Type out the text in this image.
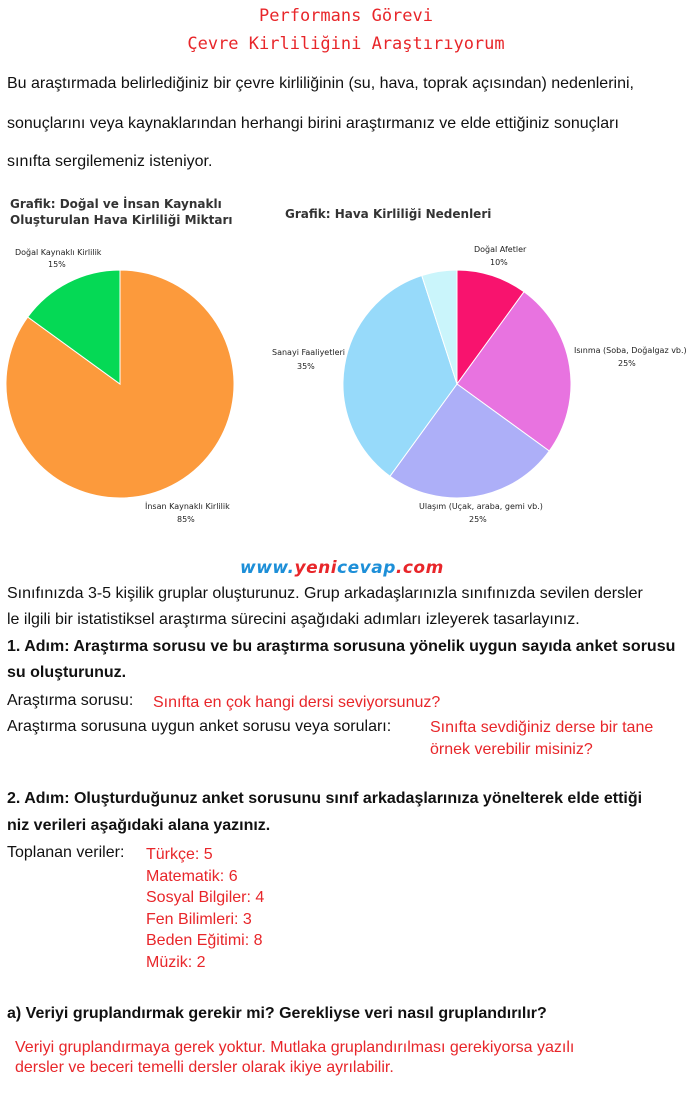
Performans Görevi
Çevre Kirliliğini Araştırıyorum
Bu araştırmada belirlediğiniz bir çevre kirliliğinin (su, hava, toprak açısından) nedenlerini,
sonuçlarını veya kaynaklarından herhangi birini araştırmanız ve elde ettiğiniz sonuçları
sınıfta sergilemeniz isteniyor.
Grafik: Doğal ve İnsan Kaynaklı
Oluşturulan Hava Kirliliği Miktarı	Grafik: Hava Kirliliği Nedenleri
Doğal Kaynaklı Kirlilik
15%
İnsan Kaynaklı Kirlilik
85%
Doğal Afetler
10%
Isınma (Soba, Doğalgaz vb.)
25%
Ulaşım (Uçak, araba, gemi vb.)
25%
Sanayi Faaliyetleri
35%
www.yenicevap.com
Sınıfınızda 3-5 kişilik gruplar oluşturunuz. Grup arkadaşlarınızla sınıfınızda sevilen dersler
le ilgili bir istatistiksel araştırma sürecini aşağıdaki adımları izleyerek tasarlayınız.
1. Adım: Araştırma sorusu ve bu araştırma sorusuna yönelik uygun sayıda anket sorusu
su oluşturunuz.
Araştırma sorusu: Sınıfta en çok hangi dersi seviyorsunuz?
Araştırma sorusuna uygun anket sorusu veya soruları: Sınıfta sevdiğiniz derse bir tane
örnek verebilir misiniz?
2. Adım: Oluşturduğunuz anket sorusunu sınıf arkadaşlarınıza yönelterek elde ettiği
niz verileri aşağıdaki alana yazınız.
Toplanan veriler: Türkçe: 5
Matematik: 6
Sosyal Bilgiler: 4
Fen Bilimleri: 3
Beden Eğitimi: 8
Müzik: 2
a) Veriyi gruplandırmak gerekir mi? Gerekliyse veri nasıl gruplandırılır?
Veriyi gruplandırmaya gerek yoktur. Mutlaka gruplandırılması gerekiyorsa yazılı
dersler ve beceri temelli dersler olarak ikiye ayrılabilir.
